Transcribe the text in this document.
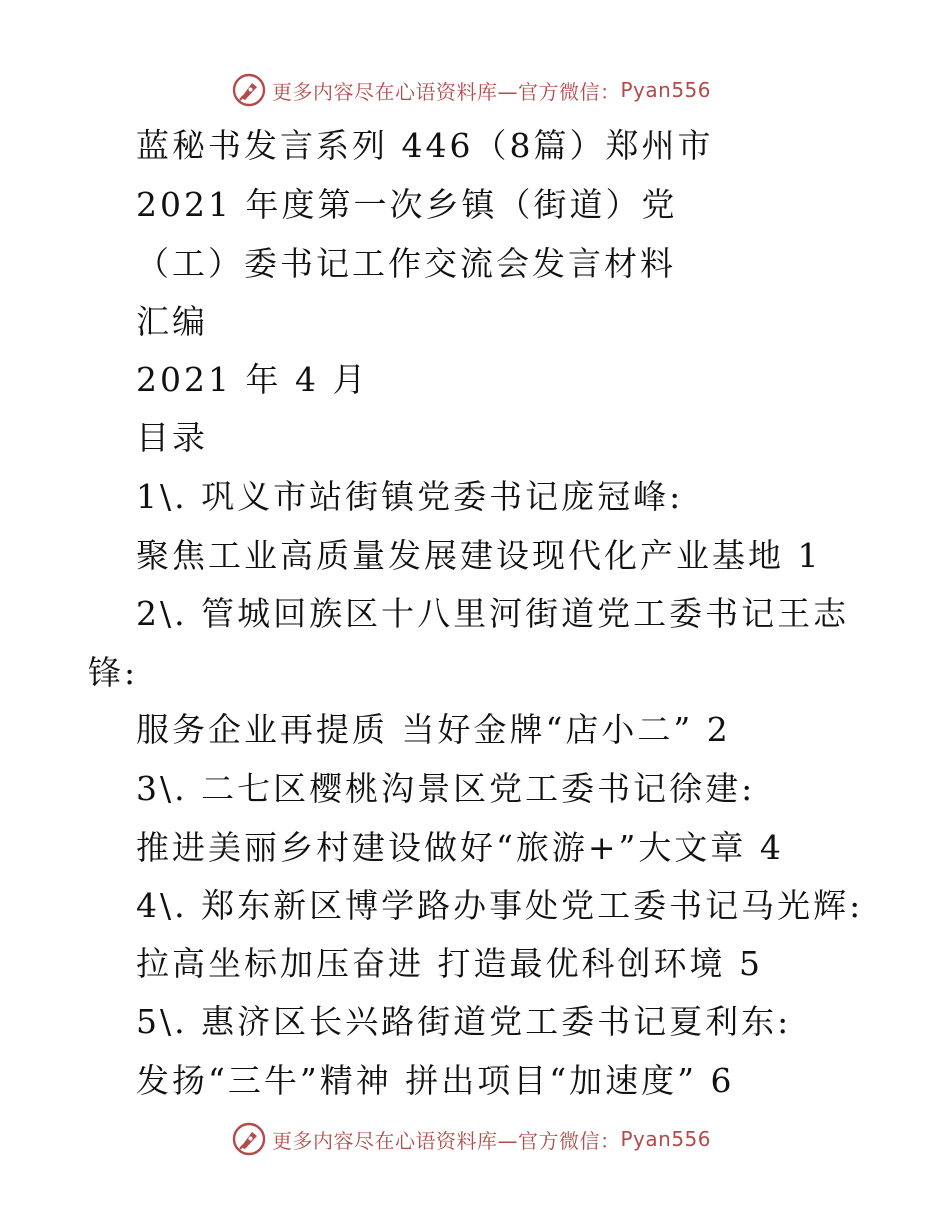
更多内容尽在心语资料库—官方微信： Pyan556
蓝秘书发言系列 446（8篇）郑州市
2021 年度第一次乡镇（街道）党
（工）委书记工作交流会发言材料
汇编
2021 年 4 月
目录
1\. 巩义市站街镇党委书记庞冠峰:
聚焦工业高质量发展建设现代化产业基地 1
2\. 管城回族区十八里河街道党工委书记王志
锋:
服务企业再提质 当好金牌“店小二” 2
3\. 二七区樱桃沟景区党工委书记徐建:
推进美丽乡村建设做好“旅游+”大文章 4
4\. 郑东新区博学路办事处党工委书记马光辉:
拉高坐标加压奋进 打造最优科创环境 5
5\. 惠济区长兴路街道党工委书记夏利东:
发扬“三牛”精神 拼出项目“加速度” 6
更多内容尽在心语资料库—官方微信： Pyan556
